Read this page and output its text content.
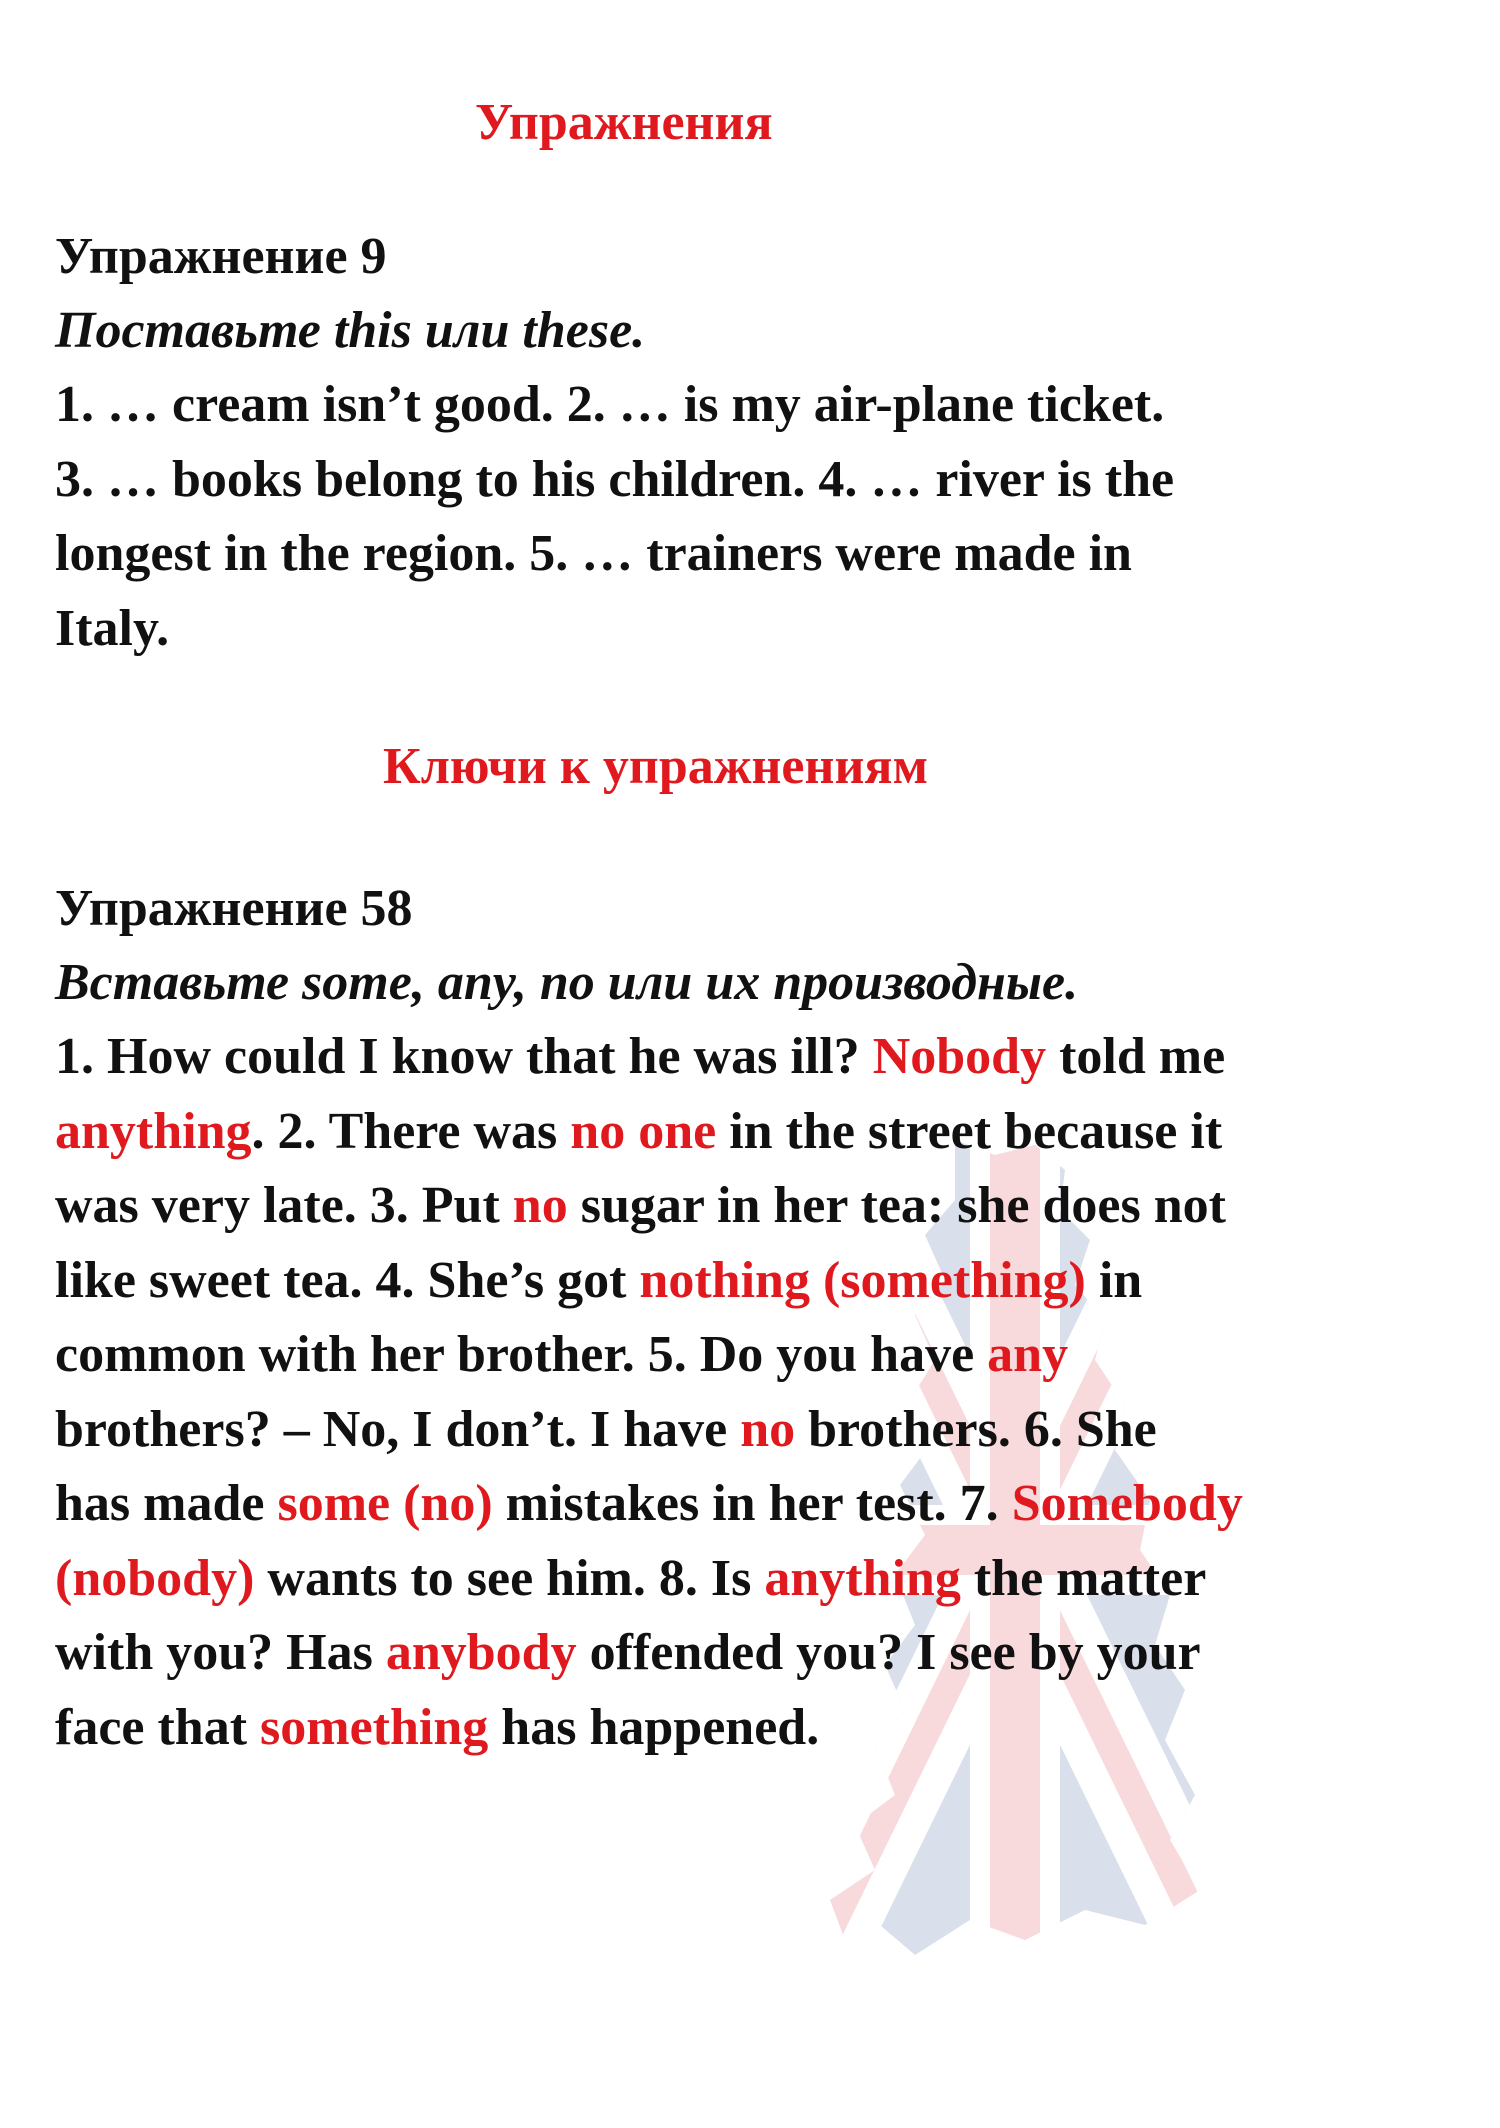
Упражнения

Упражнение 9

Поставьте this или these.

1. … cream isn’t good. 2. … is my air-plane ticket.

3. … books belong to his children. 4. … river is the

longest in the region. 5. … trainers were made in

Italy.

Ключи к упражнениям

Упражнение 58

Вставьте some, any, no или их производные.

1. How could I know that he was ill? Nobody told me

anything. 2. There was no one in the street because it

was very late. 3. Put no sugar in her tea: she does not

like sweet tea. 4. She’s got nothing (something) in

common with her brother. 5. Do you have any

brothers? – No, I don’t. I have no brothers. 6. She

has made some (no) mistakes in her test. 7. Somebody

(nobody) wants to see him. 8. Is anything the matter

with you? Has anybody offended you? I see by your

face that something has happened.
